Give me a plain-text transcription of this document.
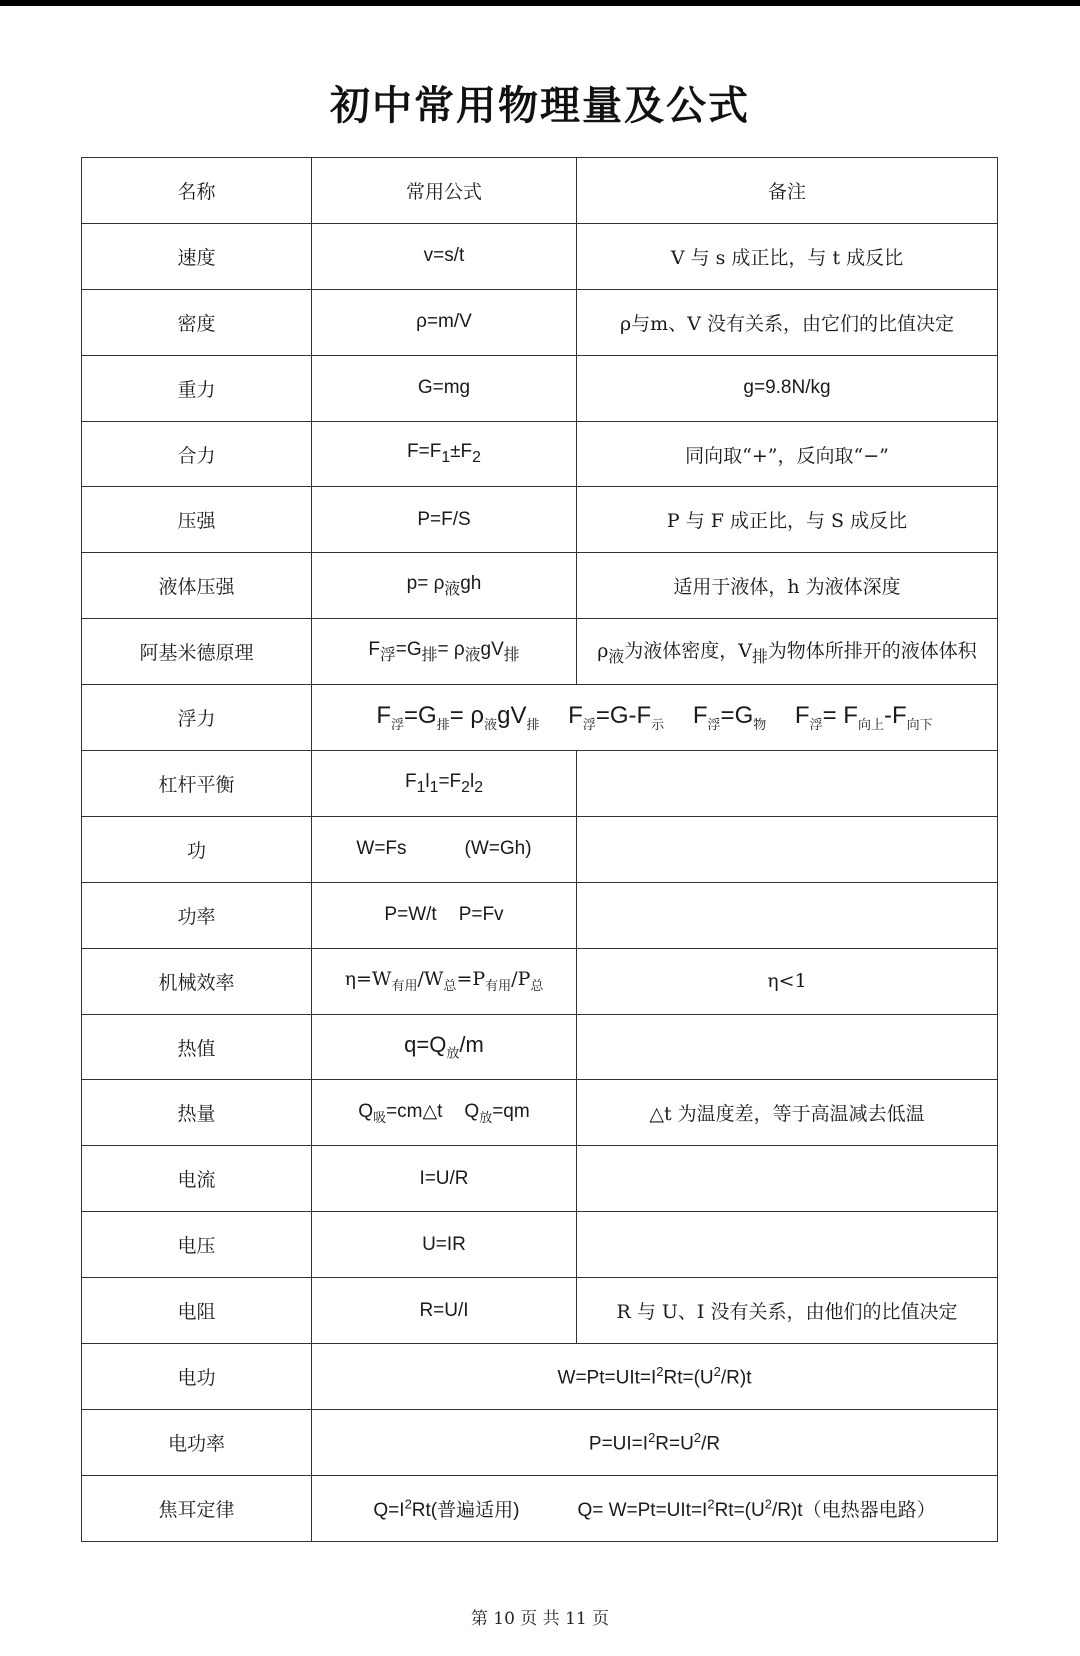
初中常用物理量及公式
名称	常用公式	备注
速度	v=s/t	V 与 s 成正比，与 t 成反比
密度	ρ=m/V	ρ与m、V 没有关系，由它们的比值决定
重力	G=mg	g=9.8N/kg
合力	$F=F_1\pm F_2$	同向取“+”，反向取“−”
压强	P=F/S	P 与 F 成正比，与 S 成反比
液体压强	$p= \rho_液gh$	适用于液体，h 为液体深度
阿基米德原理	$F_浮=G_排= \rho_液gV_排$	$\rho_液$为液体密度，$V_排$为物体所排开的液体体积
浮力	$F_浮=G_排= \rho_液gV_排$ $F_浮=G-F_示$ $F_浮=G_物$ $F_浮= F_{向上}-F_{向下}$
杠杆平衡	$F_1l_1=F_2l_2$	
功	W=Fs (W=Gh)	
功率	P=W/t P=Fv	
机械效率	$\eta=W_{有用}/W_总=P_{有用}/P_总$	η<1
热值	$q=Q_放/m$	
热量	$Q_吸=cm\triangle t$ $Q_放=qm$	△t 为温度差，等于高温减去低温
电流	I=U/R	
电压	U=IR	
电阻	R=U/I	R 与 U、I 没有关系，由他们的比值决定
电功	$W=Pt=UIt=I^2Rt=(U^2/R)t$	
电功率	$P=UI=I^2R=U^2/R$	
焦耳定律	$Q=I^2Rt$(普遍适用) $Q= W=Pt=UIt=I^2Rt=(U^2/R)t$（电热器电路）	
第 10 页 共 11 页
